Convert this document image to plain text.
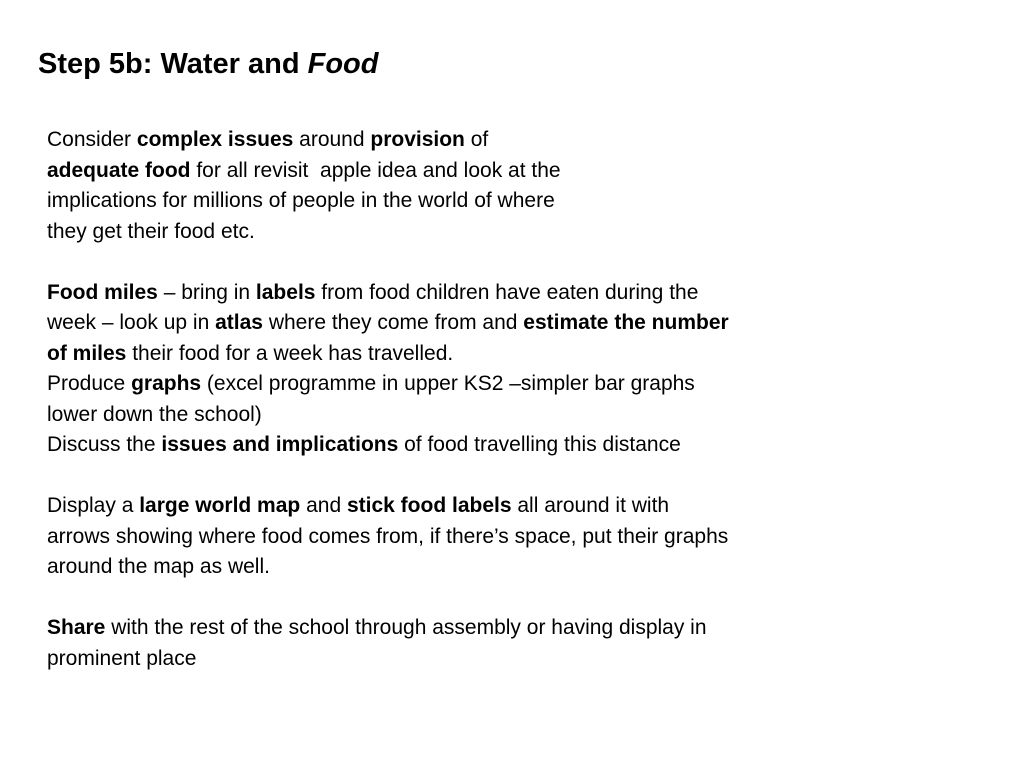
Step 5b: Water and Food

Consider complex issues around provision of

adequate food for all revisit  apple idea and look at the

implications for millions of people in the world of where

they get their food etc.

Food miles – bring in labels from food children have eaten during the

week – look up in atlas where they come from and estimate the number

of miles their food for a week has travelled.

Produce graphs (excel programme in upper KS2 –simpler bar graphs

lower down the school)

Discuss the issues and implications of food travelling this distance

Display a large world map and stick food labels all around it with

arrows showing where food comes from, if there’s space, put their graphs

around the map as well.

Share with the rest of the school through assembly or having display in

prominent place
